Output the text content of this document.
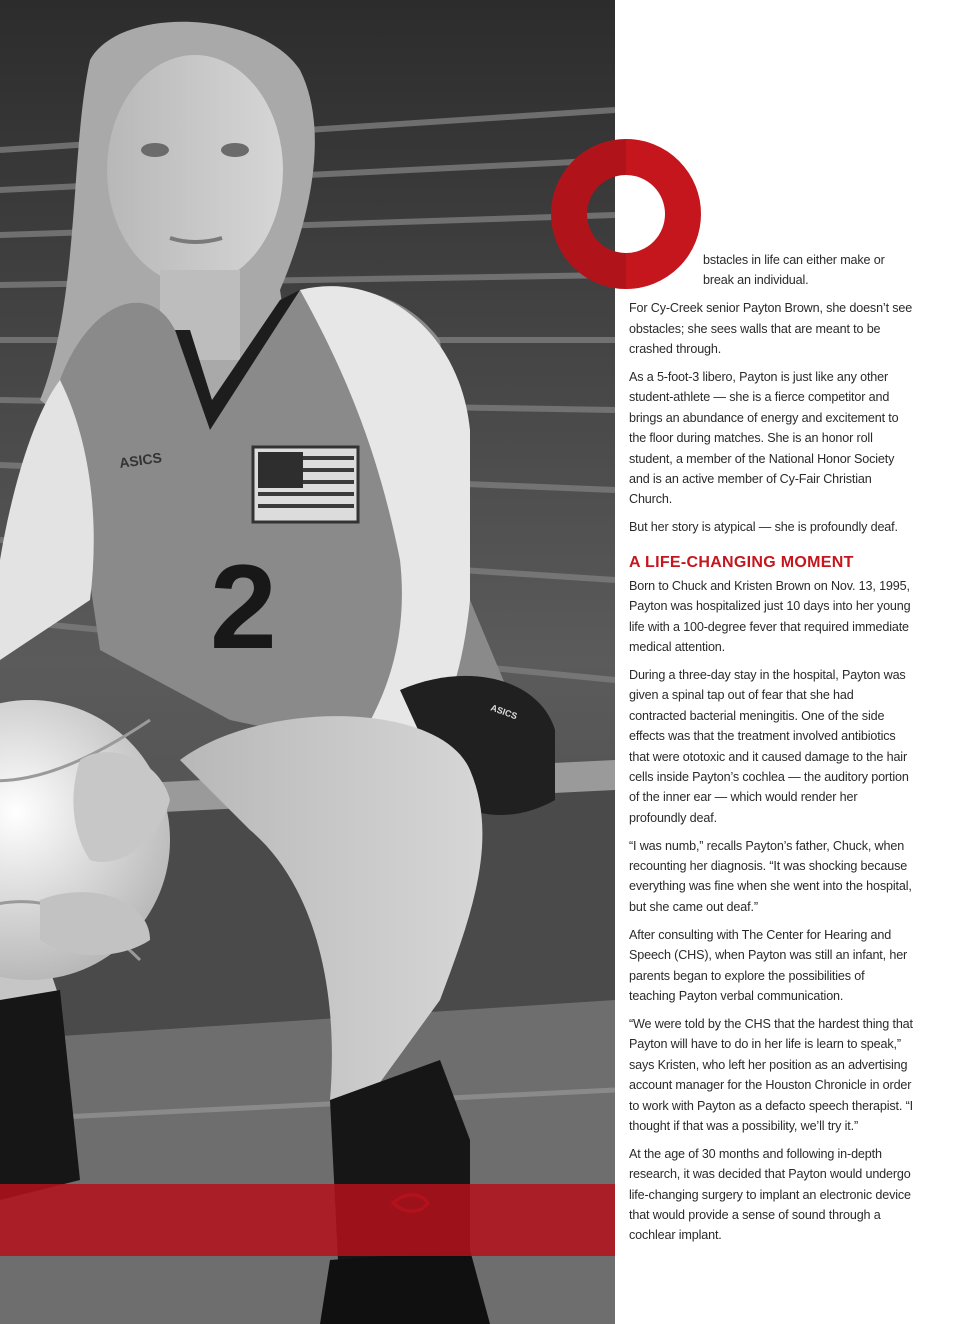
2
ASICS
ASICS

bstacles in life can either make or break an individual.

For Cy-Creek senior Payton Brown, she doesn’t see obstacles; she sees walls that are meant to be crashed through.

As a 5-foot-3 libero, Payton is just like any other student-athlete — she is a fierce competitor and brings an abundance of energy and excitement to the floor during matches. She is an honor roll student, a member of the National Honor Society and is an active member of Cy-Fair Christian Church.

But her story is atypical — she is profoundly deaf.

A LIFE-CHANGING MOMENT

Born to Chuck and Kristen Brown on Nov. 13, 1995, Payton was hospitalized just 10 days into her young life with a 100-degree fever that required immediate medical attention.

During a three-day stay in the hospital, Payton was given a spinal tap out of fear that she had contracted bacterial meningitis. One of the side effects was that the treatment involved antibiotics that were ototoxic and it caused damage to the hair cells inside Payton’s cochlea — the auditory portion of the inner ear — which would render her profoundly deaf.

“I was numb,” recalls Payton’s father, Chuck, when recounting her diagnosis. “It was shocking because everything was fine when she went into the hospital, but she came out deaf.”

After consulting with The Center for Hearing and Speech (CHS), when Payton was still an infant, her parents began to explore the possibilities of teaching Payton verbal communication.

“We were told by the CHS that the hardest thing that Payton will have to do in her life is learn to speak,” says Kristen, who left her position as an advertising account manager for the Houston Chronicle in order to work with Payton as a defacto speech therapist. “I thought if that was a possibility, we’ll try it.”

At the age of 30 months and following in-depth research, it was decided that Payton would undergo life-changing surgery to implant an electronic device that would provide a sense of sound through a cochlear implant.
